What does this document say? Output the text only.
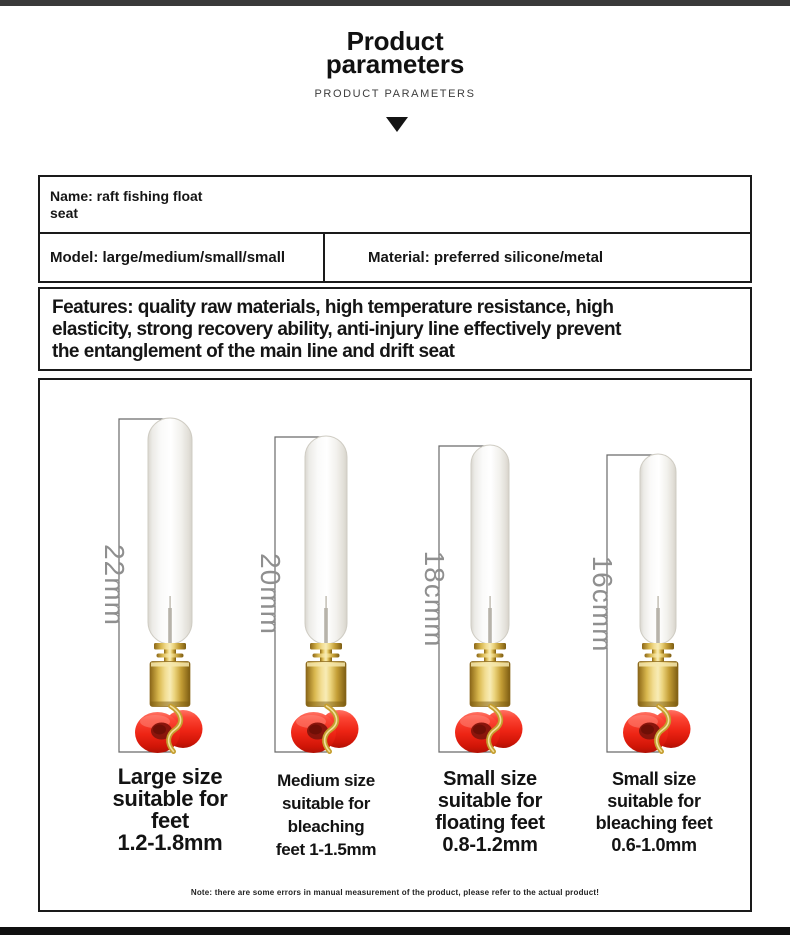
Product
parameters
PRODUCT PARAMETERS
Name: raft fishing float
seat
Model: large/medium/small/small	Material: preferred silicone/metal
Features: quality raw materials, high temperature resistance, high
elasticity, strong recovery ability, anti-injury line effectively prevent
the entanglement of the main line and drift seat
22mm	20mm	18cmm	16cmm
Large size
suitable for
feet
1.2-1.8mm
Medium size
suitable for
bleaching
feet 1-1.5mm
Small size
suitable for
floating feet
0.8-1.2mm
Small size
suitable for
bleaching feet
0.6-1.0mm
Note: there are some errors in manual measurement of the product, please refer to the actual product!
